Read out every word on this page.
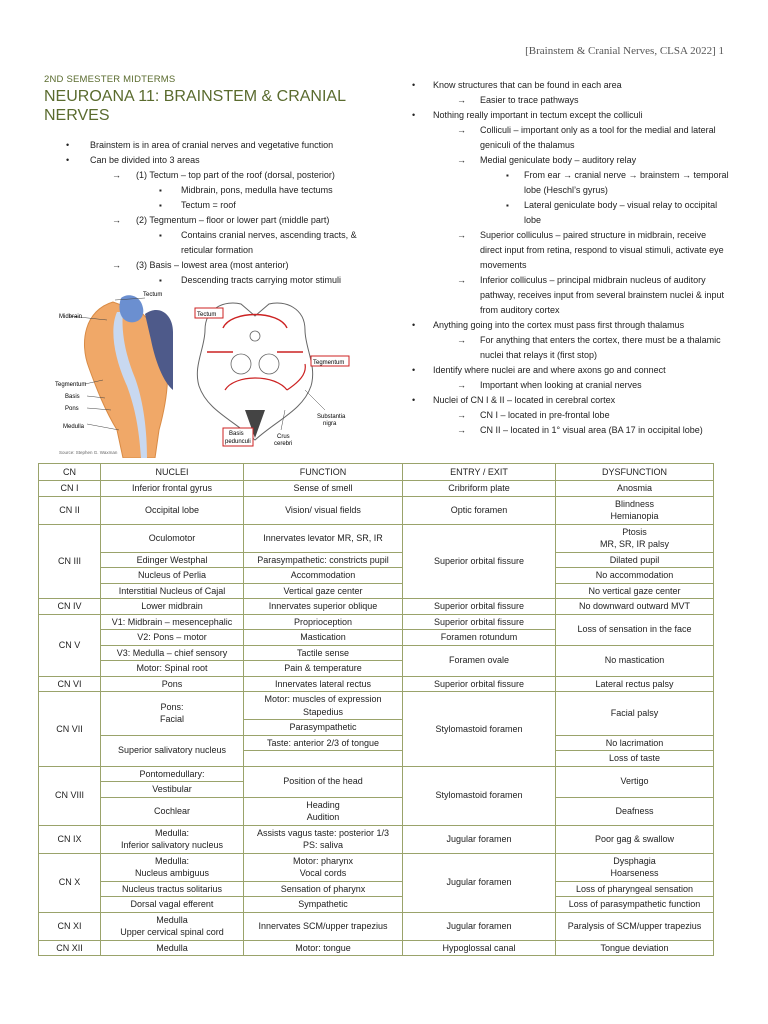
[Brainstem & Cranial Nerves, CLSA 2022] 1
2ND SEMESTER MIDTERMS
NEUROANA 11: BRAINSTEM & CRANIAL NERVES
• Brainstem is in area of cranial nerves and vegetative function
• Can be divided into 3 areas
→ (1) Tectum – top part of the roof (dorsal, posterior)
▪ Midbrain, pons, medulla have tectums
▪ Tectum = roof
→ (2) Tegmentum – floor or lower part (middle part)
▪ Contains cranial nerves, ascending tracts, & reticular formation
→ (3) Basis – lowest area (most anterior)
▪ Descending tracts carrying motor stimuli
• Know structures that can be found in each area
→ Easier to trace pathways
• Nothing really important in tectum except the colliculi
→ Colliculi – important only as a tool for the medial and lateral geniculi of the thalamus
→ Medial geniculate body – auditory relay
▪ From ear → cranial nerve → brainstem → temporal lobe (Heschl’s gyrus)
▪ Lateral geniculate body – visual relay to occipital lobe
→ Superior colliculus – paired structure in midbrain, receive direct input from retina, respond to visual stimuli, activate eye movements
→ Inferior colliculus – principal midbrain nucleus of auditory pathway, receives input from several brainstem nuclei & input from auditory cortex
• Anything going into the cortex must pass first through thalamus
→ For anything that enters the cortex, there must be a thalamic nuclei that relays it (first stop)
• Identify where nuclei are and where axons go and connect
→ Important when looking at cranial nerves
• Nuclei of CN I & II – located in cerebral cortex
→ CN I – located in pre-frontal lobe
→ CN II – located in 1° visual area (BA 17 in occipital lobe)
Midbrain
Tectum
Tegmentum
Basis
Pons
Medulla
Source: Stephen G. Waxman
Tectum
Tegmentum
Substantia
nigra
Basis
pedunculi
Crus
cerebri
CN	NUCLEI	FUNCTION	ENTRY / EXIT	DYSFUNCTION
CN I	Inferior frontal gyrus	Sense of smell	Cribriform plate	Anosmia
CN II	Occipital lobe	Vision/ visual fields	Optic foramen	Blindness
Hemianopia
CN III	Oculomotor	Innervates levator MR, SR, IR	Superior orbital fissure	Ptosis
MR, SR, IR palsy
	Edinger Westphal	Parasympathetic: constricts pupil		Dilated pupil
	Nucleus of Perlia	Accommodation		No accommodation
	Interstitial Nucleus of Cajal	Vertical gaze center		No vertical gaze center
CN IV	Lower midbrain	Innervates superior oblique	Superior orbital fissure	No downward outward MVT
CN V	V1: Midbrain – mesencephalic	Proprioception	Superior orbital fissure	Loss of sensation in the face
	V2: Pons – motor	Mastication	Foramen rotundum	
	V3: Medulla – chief sensory	Tactile sense	Foramen ovale	No mastication
	Motor: Spinal root	Pain & temperature		
CN VI	Pons	Innervates lateral rectus	Superior orbital fissure	Lateral rectus palsy
CN VII	Pons:
Facial	Motor: muscles of expression
Stapedius	Stylomastoid foramen	Facial palsy
		Parasympathetic		
	Superior salivatory nucleus	Taste: anterior 2/3 of tongue		No lacrimation
				Loss of taste
CN VIII	Pontomedullary:	Position of the head	Stylomastoid foramen	Vertigo
	Vestibular			
	Cochlear	Heading
Audition		Deafness
CN IX	Medulla:
Inferior salivatory nucleus	Assists vagus taste: posterior 1/3
PS: saliva	Jugular foramen	Poor gag & swallow
CN X	Medulla:
Nucleus ambiguus	Motor: pharynx
Vocal cords	Jugular foramen	Dysphagia
Hoarseness
	Nucleus tractus solitarius	Sensation of pharynx		Loss of pharyngeal sensation
	Dorsal vagal efferent	Sympathetic		Loss of parasympathetic function
CN XI	Medulla
Upper cervical spinal cord	Innervates SCM/upper trapezius	Jugular foramen	Paralysis of SCM/upper trapezius
CN XII	Medulla	Motor: tongue	Hypoglossal canal	Tongue deviation
